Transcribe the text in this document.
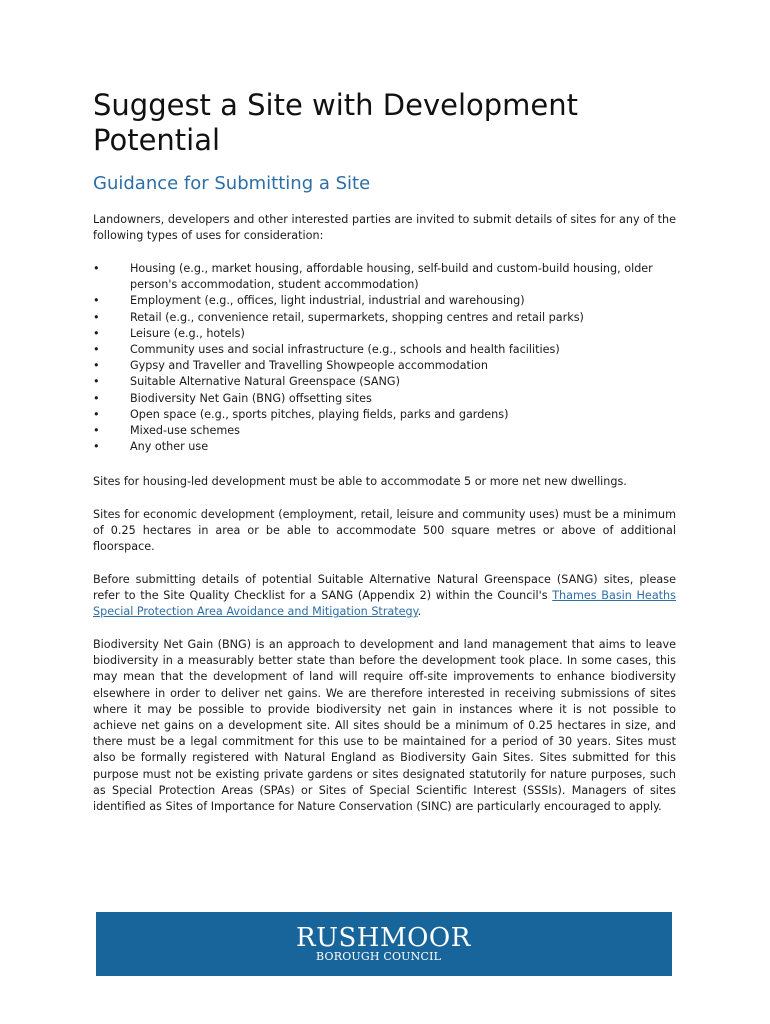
Suggest a Site with Development Potential
Guidance for Submitting a Site

Landowners, developers and other interested parties are invited to submit details of sites for any of the following types of uses for consideration:

•	Housing (e.g., market housing, affordable housing, self-build and custom-build housing, older person's accommodation, student accommodation)
•	Employment (e.g., offices, light industrial, industrial and warehousing)
•	Retail (e.g., convenience retail, supermarkets, shopping centres and retail parks)
•	Leisure (e.g., hotels)
•	Community uses and social infrastructure (e.g., schools and health facilities)
•	Gypsy and Traveller and Travelling Showpeople accommodation
•	Suitable Alternative Natural Greenspace (SANG)
•	Biodiversity Net Gain (BNG) offsetting sites
•	Open space (e.g., sports pitches, playing fields, parks and gardens)
•	Mixed-use schemes
•	Any other use

Sites for housing-led development must be able to accommodate 5 or more net new dwellings.

Sites for economic development (employment, retail, leisure and community uses) must be a minimum of 0.25 hectares in area or be able to accommodate 500 square metres or above of additional floorspace.

Before submitting details of potential Suitable Alternative Natural Greenspace (SANG) sites, please refer to the Site Quality Checklist for a SANG (Appendix 2) within the Council's Thames Basin Heaths Special Protection Area Avoidance and Mitigation Strategy.

Biodiversity Net Gain (BNG) is an approach to development and land management that aims to leave biodiversity in a measurably better state than before the development took place. In some cases, this may mean that the development of land will require off-site improvements to enhance biodiversity elsewhere in order to deliver net gains. We are therefore interested in receiving submissions of sites where it may be possible to provide biodiversity net gain in instances where it is not possible to achieve net gains on a development site. All sites should be a minimum of 0.25 hectares in size, and there must be a legal commitment for this use to be maintained for a period of 30 years. Sites must also be formally registered with Natural England as Biodiversity Gain Sites. Sites submitted for this purpose must not be existing private gardens or sites designated statutorily for nature purposes, such as Special Protection Areas (SPAs) or Sites of Special Scientific Interest (SSSIs). Managers of sites identified as Sites of Importance for Nature Conservation (SINC) are particularly encouraged to apply.

RUSHMOOR
BOROUGH COUNCIL
